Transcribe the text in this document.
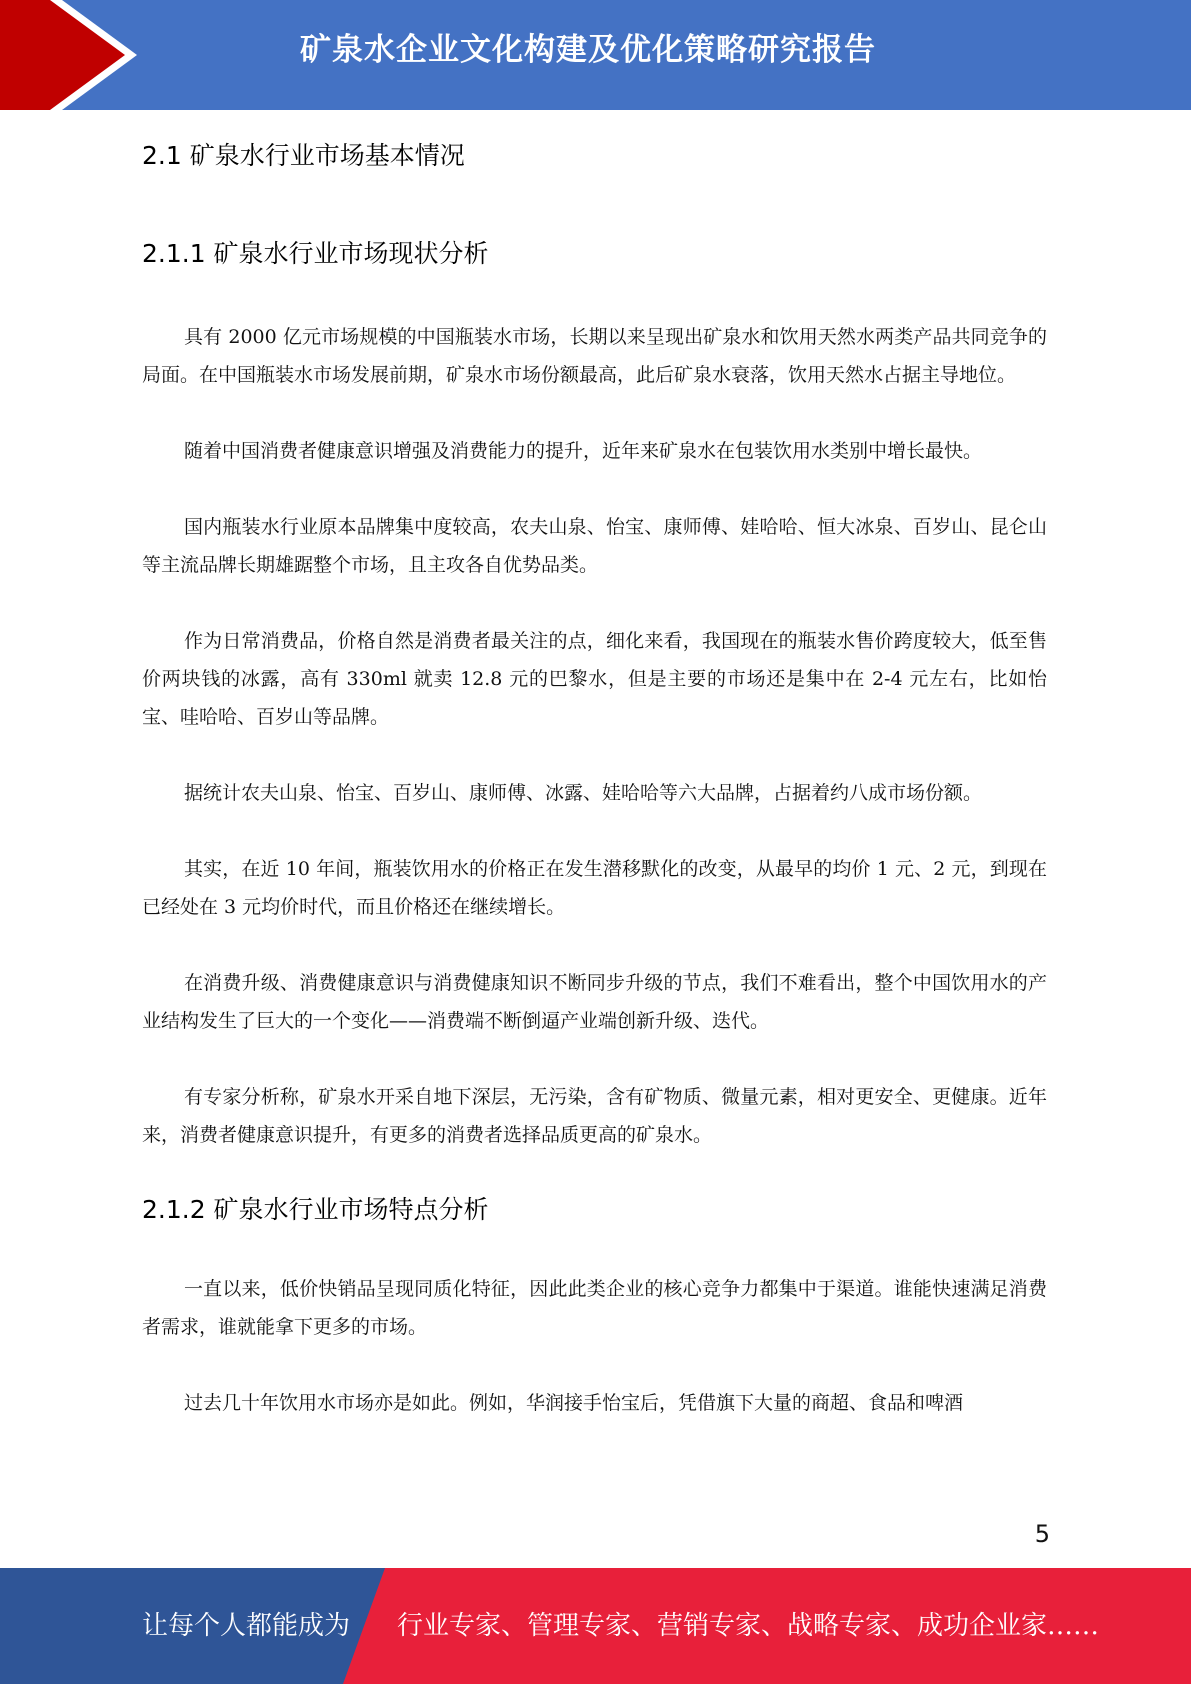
矿泉水企业文化构建及优化策略研究报告
2.1 矿泉水行业市场基本情况
2.1.1 矿泉水行业市场现状分析

具有 2000 亿元市场规模的中国瓶装水市场，长期以来呈现出矿泉水和饮用天然水两类产品共同竞争的局面。在中国瓶装水市场发展前期，矿泉水市场份额最高，此后矿泉水衰落，饮用天然水占据主导地位。

随着中国消费者健康意识增强及消费能力的提升，近年来矿泉水在包装饮用水类别中增长最快。

国内瓶装水行业原本品牌集中度较高，农夫山泉、怡宝、康师傅、娃哈哈、恒大冰泉、百岁山、昆仑山等主流品牌长期雄踞整个市场，且主攻各自优势品类。

作为日常消费品，价格自然是消费者最关注的点，细化来看，我国现在的瓶装水售价跨度较大，低至售价两块钱的冰露，高有 330ml 就卖 12.8 元的巴黎水，但是主要的市场还是集中在 2-4 元左右，比如怡宝、哇哈哈、百岁山等品牌。

据统计农夫山泉、怡宝、百岁山、康师傅、冰露、娃哈哈等六大品牌，占据着约八成市场份额。

其实，在近 10 年间，瓶装饮用水的价格正在发生潜移默化的改变，从最早的均价 1 元、2 元，到现在已经处在 3 元均价时代，而且价格还在继续增长。

在消费升级、消费健康意识与消费健康知识不断同步升级的节点，我们不难看出，整个中国饮用水的产业结构发生了巨大的一个变化——消费端不断倒逼产业端创新升级、迭代。

有专家分析称，矿泉水开采自地下深层，无污染，含有矿物质、微量元素，相对更安全、更健康。近年来，消费者健康意识提升，有更多的消费者选择品质更高的矿泉水。

2.1.2 矿泉水行业市场特点分析

一直以来，低价快销品呈现同质化特征，因此此类企业的核心竞争力都集中于渠道。谁能快速满足消费者需求，谁就能拿下更多的市场。

过去几十年饮用水市场亦是如此。例如，华润接手怡宝后，凭借旗下大量的商超、食品和啤酒

5
让每个人都能成为 行业专家、管理专家、营销专家、战略专家、成功企业家……
